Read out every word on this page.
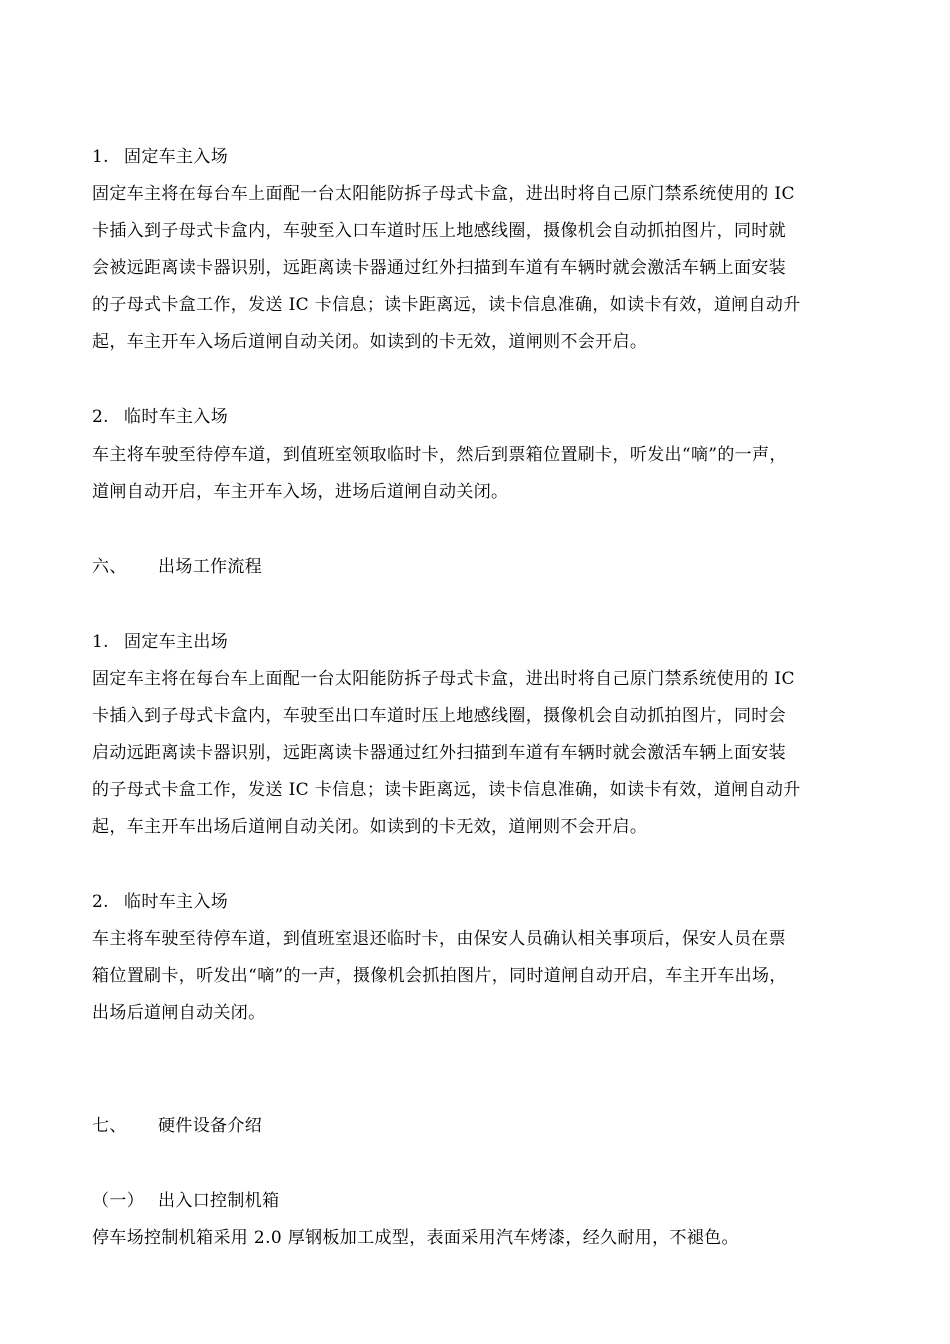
1. 固定车主入场
固定车主将在每台车上面配一台太阳能防拆子母式卡盒，进出时将自己原门禁系统使用的 IC
卡插入到子母式卡盒内，车驶至入口车道时压上地感线圈，摄像机会自动抓拍图片，同时就
会被远距离读卡器识别，远距离读卡器通过红外扫描到车道有车辆时就会激活车辆上面安装
的子母式卡盒工作，发送 IC 卡信息；读卡距离远，读卡信息准确，如读卡有效，道闸自动升
起，车主开车入场后道闸自动关闭。如读到的卡无效，道闸则不会开启。
2. 临时车主入场
车主将车驶至待停车道，到值班室领取临时卡，然后到票箱位置刷卡，听发出“嘀”的一声，
道闸自动开启，车主开车入场，进场后道闸自动关闭。
六、 出场工作流程
1. 固定车主出场
固定车主将在每台车上面配一台太阳能防拆子母式卡盒，进出时将自己原门禁系统使用的 IC
卡插入到子母式卡盒内，车驶至出口车道时压上地感线圈，摄像机会自动抓拍图片，同时会
启动远距离读卡器识别，远距离读卡器通过红外扫描到车道有车辆时就会激活车辆上面安装
的子母式卡盒工作，发送 IC 卡信息；读卡距离远，读卡信息准确，如读卡有效，道闸自动升
起，车主开车出场后道闸自动关闭。如读到的卡无效，道闸则不会开启。
2. 临时车主入场
车主将车驶至待停车道，到值班室退还临时卡，由保安人员确认相关事项后，保安人员在票
箱位置刷卡，听发出“嘀”的一声，摄像机会抓拍图片，同时道闸自动开启，车主开车出场，
出场后道闸自动关闭。
七、 硬件设备介绍
（一） 出入口控制机箱
停车场控制机箱采用 2.0 厚钢板加工成型，表面采用汽车烤漆，经久耐用，不褪色。
